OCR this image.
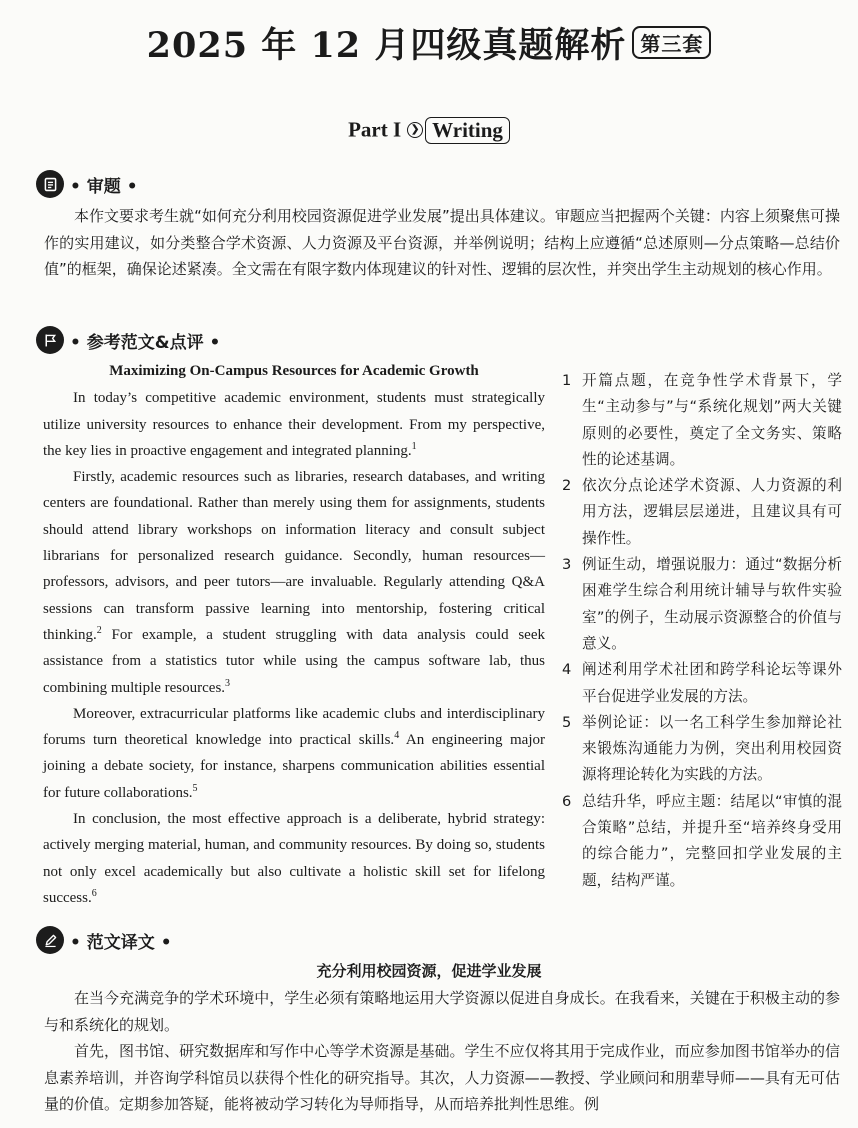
2025 年 12 月四级真题解析 第三套
Part I ❯ Writing
• 审题 •

本作文要求考生就“如何充分利用校园资源促进学业发展”提出具体建议。审题应当把握两个关键：内容上须聚焦可操作的实用建议，如分类整合学术资源、人力资源及平台资源，并举例说明；结构上应遵循“总述原则—分点策略—总结价值”的框架，确保论述紧凑。全文需在有限字数内体现建议的针对性、逻辑的层次性，并突出学生主动规划的核心作用。

• 参考范文&点评 •
Maximizing On-Campus Resources for Academic Growth

In today’s competitive academic environment, students must strategically utilize university resources to enhance their development. From my perspective, the key lies in proactive engagement and integrated planning.$^1$

Firstly, academic resources such as libraries, research databases, and writing centers are foundational. Rather than merely using them for assignments, students should attend library workshops on information literacy and consult subject librarians for personalized research guidance. Secondly, human resources—professors, advisors, and peer tutors—are invaluable. Regularly attending Q&A sessions can transform passive learning into mentorship, fostering critical thinking.$^2$ For example, a student struggling with data analysis could seek assistance from a statistics tutor while using the campus software lab, thus combining multiple resources.$^3$

Moreover, extracurricular platforms like academic clubs and interdisciplinary forums turn theoretical knowledge into practical skills.$^4$ An engineering major joining a debate society, for instance, sharpens communication abilities essential for future collaborations.$^5$

In conclusion, the most effective approach is a deliberate, hybrid strategy: actively merging material, human, and community resources. By doing so, students not only excel academically but also cultivate a holistic skill set for lifelong success.$^6$

1 开篇点题，在竞争性学术背景下，学生“主动参与”与“系统化规划”两大关键原则的必要性，奠定了全文务实、策略性的论述基调。
2 依次分点论述学术资源、人力资源的利用方法，逻辑层层递进，且建议具有可操作性。
3 例证生动，增强说服力：通过“数据分析困难学生综合利用统计辅导与软件实验室”的例子，生动展示资源整合的价值与意义。
4 阐述利用学术社团和跨学科论坛等课外平台促进学业发展的方法。
5 举例论证：以一名工科学生参加辩论社来锻炼沟通能力为例，突出利用校园资源将理论转化为实践的方法。
6 总结升华，呼应主题：结尾以“审慎的混合策略”总结，并提升至“培养终身受用的综合能力”，完整回扣学业发展的主题，结构严谨。
• 范文译文 •
充分利用校园资源，促进学业发展

在当今充满竞争的学术环境中，学生必须有策略地运用大学资源以促进自身成长。在我看来，关键在于积极主动的参与和系统化的规划。

首先，图书馆、研究数据库和写作中心等学术资源是基础。学生不应仅将其用于完成作业，而应参加图书馆举办的信息素养培训，并咨询学科馆员以获得个性化的研究指导。其次，人力资源——教授、学业顾问和朋辈导师——具有无可估量的价值。定期参加答疑，能将被动学习转化为导师指导，从而培养批判性思维。例
